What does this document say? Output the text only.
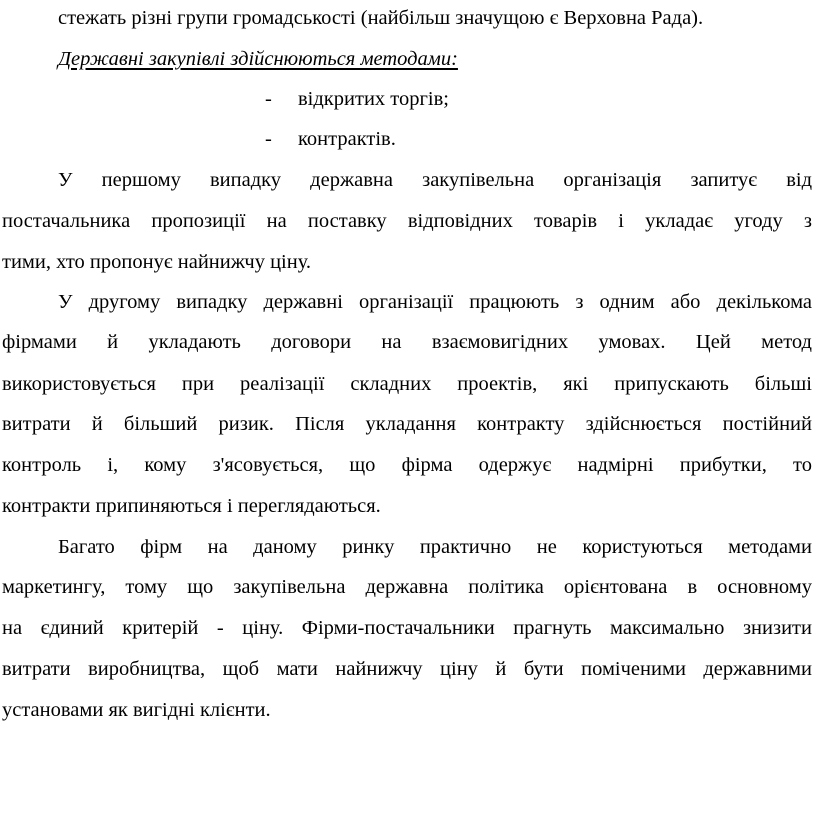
стежать різні групи громадськості (найбільш значущою є Верховна Рада).
Державні закупівлі здійснюються методами:
- відкритих торгів;
- контрактів.
У першому випадку державна закупівельна організація запитує від
постачальника пропозиції на поставку відповідних товарів і укладає угоду з
тими, хто пропонує найнижчу ціну.
У другому випадку державні організації працюють з одним або декількома
фірмами й укладають договори на взаємовигідних умовах. Цей метод
використовується при реалізації складних проектів, які припускають більші
витрати й більший ризик. Після укладання контракту здійснюється постійний
контроль і, кому з'ясовується, що фірма одержує надмірні прибутки, то
контракти припиняються і переглядаються.
Багато фірм на даному ринку практично не користуються методами
маркетингу, тому що закупівельна державна політика орієнтована в основному
на єдиний критерій - ціну. Фірми-постачальники прагнуть максимально знизити
витрати виробництва, щоб мати найнижчу ціну й бути поміченими державними
установами як вигідні клієнти.
